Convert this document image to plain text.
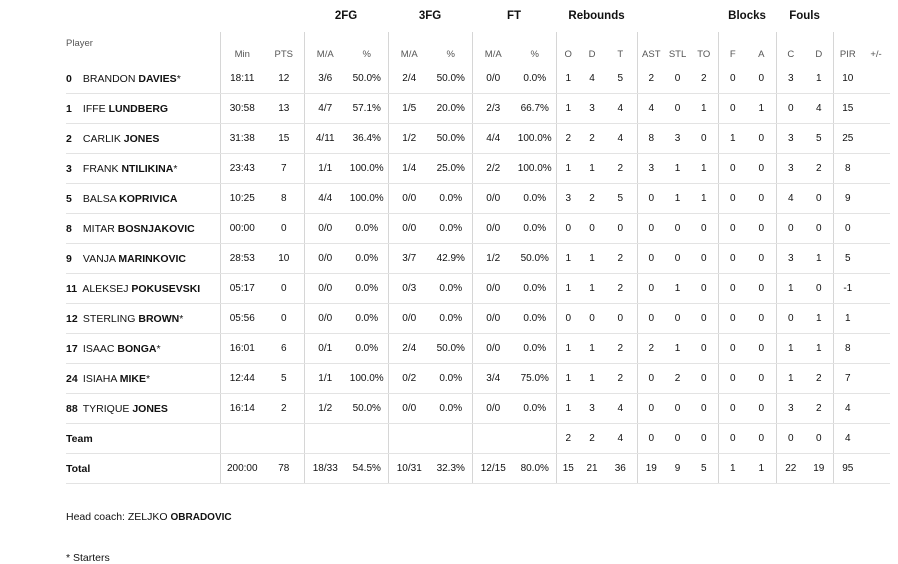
			2FG		3FG		FT		Rebounds						Blocks		Fouls			
Player	Min	PTS	M/A	%	M/A	%	M/A	%	O	D	T	AST	STL	TO	F	A	C	D	PIR	+/-
0 BRANDON DAVIES*	18:11	12	3/6	50.0%	2/4	50.0%	0/0	0.0%	1	4	5	2	0	2	0	0	3	1	10	
1 IFFE LUNDBERG	30:58	13	4/7	57.1%	1/5	20.0%	2/3	66.7%	1	3	4	4	0	1	0	1	0	4	15	
2 CARLIK JONES	31:38	15	4/11	36.4%	1/2	50.0%	4/4	100.0%	2	2	4	8	3	0	1	0	3	5	25	
3 FRANK NTILIKINA*	23:43	7	1/1	100.0%	1/4	25.0%	2/2	100.0%	1	1	2	3	1	1	0	0	3	2	8	
5 BALSA KOPRIVICA	10:25	8	4/4	100.0%	0/0	0.0%	0/0	0.0%	3	2	5	0	1	1	0	0	4	0	9	
8 MITAR BOSNJAKOVIC	00:00	0	0/0	0.0%	0/0	0.0%	0/0	0.0%	0	0	0	0	0	0	0	0	0	0	0	
9 VANJA MARINKOVIC	28:53	10	0/0	0.0%	3/7	42.9%	1/2	50.0%	1	1	2	0	0	0	0	0	3	1	5	
11 ALEKSEJ POKUSEVSKI	05:17	0	0/0	0.0%	0/3	0.0%	0/0	0.0%	1	1	2	0	1	0	0	0	1	0	-1	
12 STERLING BROWN*	05:56	0	0/0	0.0%	0/0	0.0%	0/0	0.0%	0	0	0	0	0	0	0	0	0	1	1	
17 ISAAC BONGA*	16:01	6	0/1	0.0%	2/4	50.0%	0/0	0.0%	1	1	2	2	1	0	0	0	1	1	8	
24 ISIAHA MIKE*	12:44	5	1/1	100.0%	0/2	0.0%	3/4	75.0%	1	1	2	0	2	0	0	0	1	2	7	
88 TYRIQUE JONES	16:14	2	1/2	50.0%	0/0	0.0%	0/0	0.0%	1	3	4	0	0	0	0	0	3	2	4	
Team									2	2	4	0	0	0	0	0	0	0	4	
Total	200:00	78	18/33	54.5%	10/31	32.3%	12/15	80.0%	15	21	36	19	9	5	1	1	22	19	95	
Head coach: ZELJKO OBRADOVIC
* Starters
